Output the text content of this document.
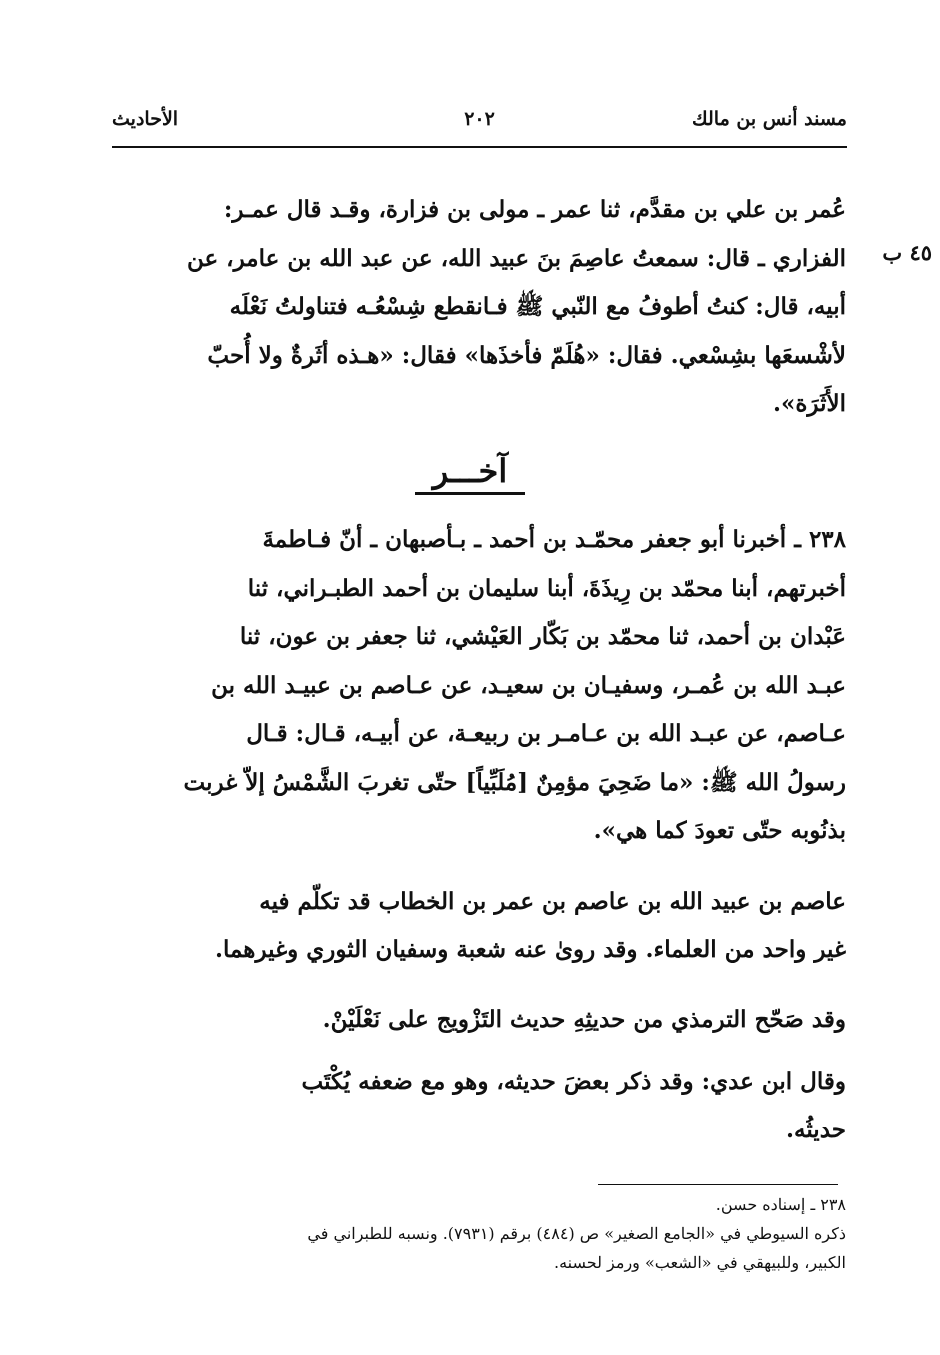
مسند أنس بن مالك
٢٠٢
الأحاديث
٤٥ ب

عُمر بن علي بن مقدَّم، ثنا عمر ـ مولى بن فزارة، وقـد قال عمـر:
الفزاري ـ قال: سمعتُ عاصِمَ بنَ عبيد الله، عن عبد الله بن عامر، عن
أبيه، قال: كنتُ أطوفُ مع النّبي ﷺ فـانقطع شِسْعُـه فتناولتُ نَعْلَه
لأشْسعَها بشِسْعي. فقال: «هُلَمّ فأخذَها» فقال: «هـذه أثَرةٌ ولا أُحبّ
الأَثَرَة».

آخـــر

٢٣٨ ـ أخبرنا أبو جعفر محمّـد بن أحمد ـ بـأصبهان ـ أنّ فـاطمةَ
أخبرتهم، أبنا محمّد بن رِيذَةَ، أبنا سليمان بن أحمد الطبـراني، ثنا
عَبْدان بن أحمد، ثنا محمّد بن بَكّار العَيْشي، ثنا جعفر بن عون، ثنا
عبـد الله بن عُمـر، وسفيـان بن سعيـد، عن عـاصم بن عبيـد الله بن
عـاصم، عن عبـد الله بن عـامـر بن ربيعـة، عن أبيـه، قـال: قـال
رسولُ الله ﷺ: «ما ضَحِيَ مؤمِنٌ [مُلَبِّياً] حتّى تغربَ الشَّمْسُ إلاّ غربت
بذنُوبه حتّى تعودَ كما هي».

عاصم بن عبيد الله بن عاصم بن عمر بن الخطاب قد تكلّم فيه
غير واحد من العلماء. وقد روىٰ عنه شعبة وسفيان الثوري وغيرهما.

وقد صَحّح الترمذي من حديثِهِ حديث التَزْويج على نَعْلَيْنْ.

وقال ابن عدي: وقد ذكر بعضَ حديثه، وهو مع ضعفه يُكْتَب
حديثُه.

٢٣٨ ـ إسناده حسن.
ذكره السيوطي في «الجامع الصغير» ص (٤٨٤) برقم (٧٩٣١). ونسبه للطبراني في
الكبير، وللبيهقي في «الشعب» ورمز لحسنه.
